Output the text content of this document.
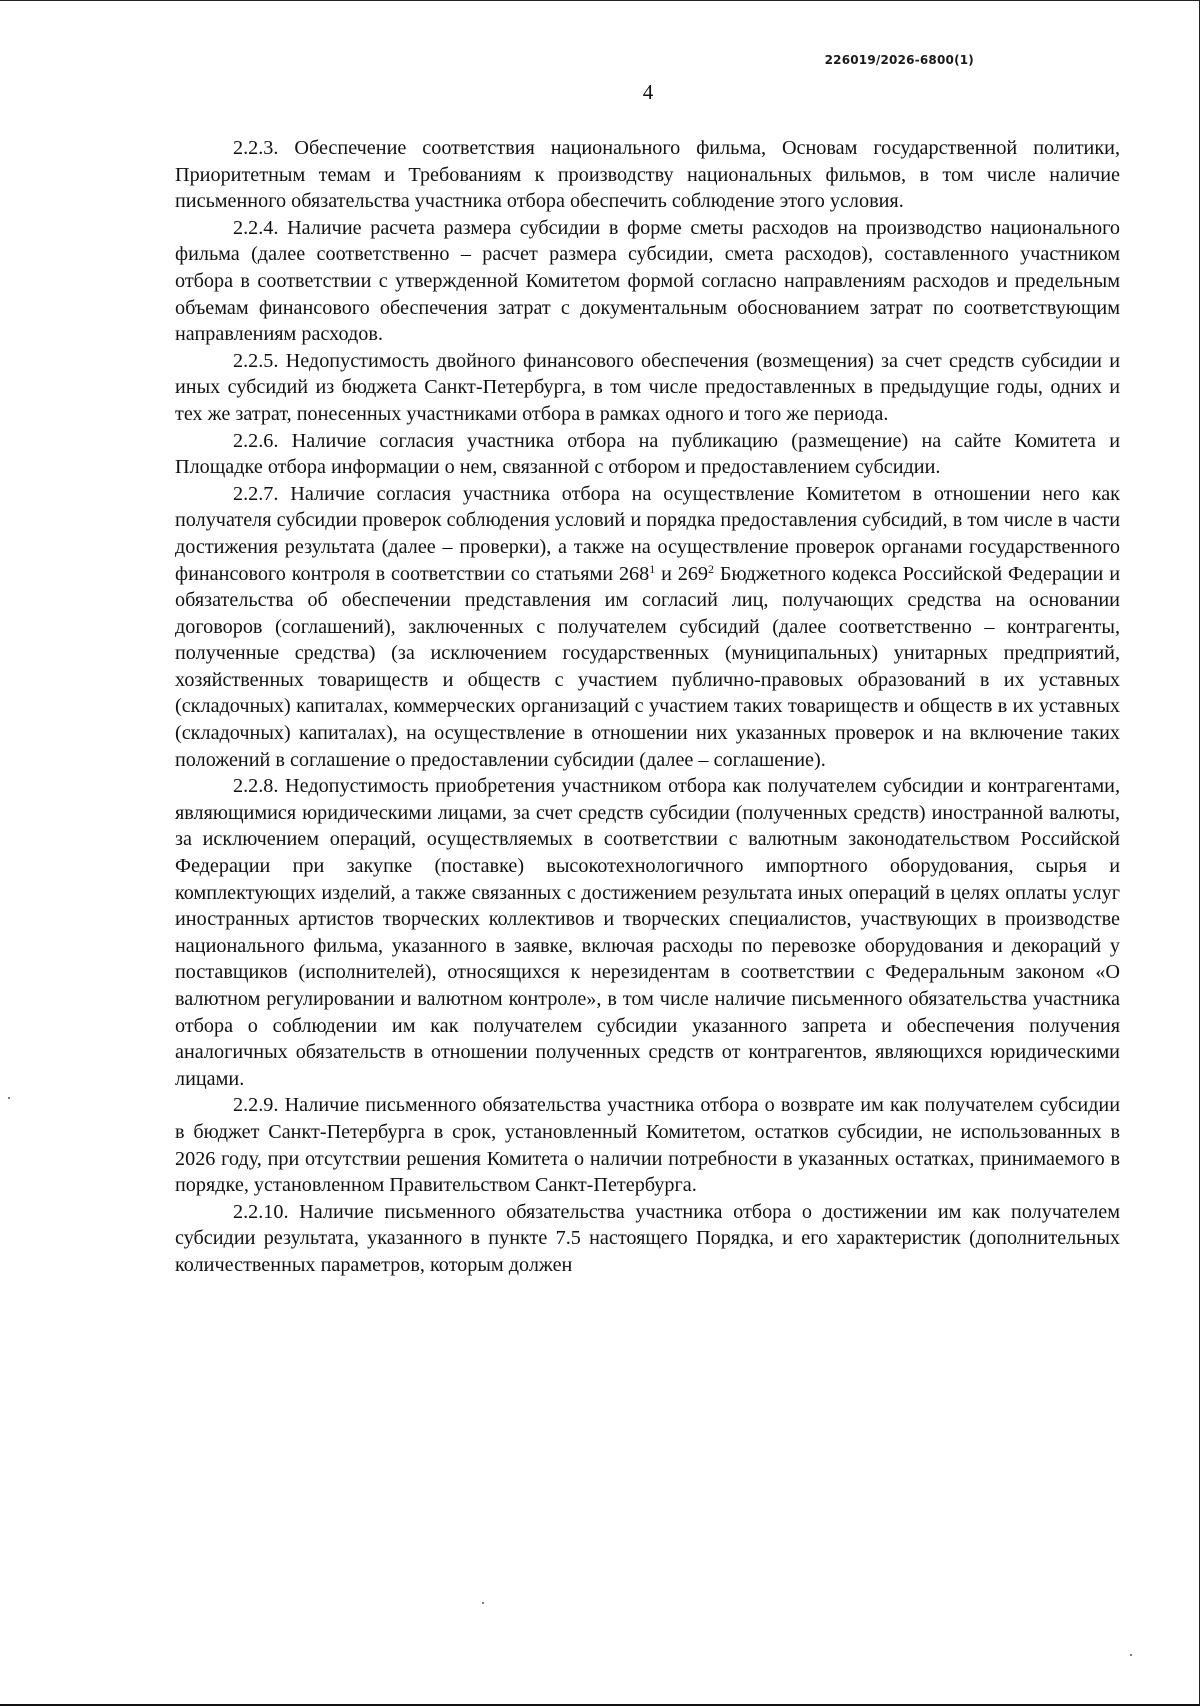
226019/2026-6800(1)
4

2.2.3. Обеспечение соответствия национального фильма, Основам государственной политики, Приоритетным темам и Требованиям к производству национальных фильмов, в том числе наличие письменного обязательства участника отбора обеспечить соблюдение этого условия.

2.2.4. Наличие расчета размера субсидии в форме сметы расходов на производство национального фильма (далее соответственно – расчет размера субсидии, смета расходов), составленного участником отбора в соответствии с утвержденной Комитетом формой согласно направлениям расходов и предельным объемам финансового обеспечения затрат с документальным обоснованием затрат по соответствующим направлениям расходов.

2.2.5. Недопустимость двойного финансового обеспечения (возмещения) за счет средств субсидии и иных субсидий из бюджета Санкт-Петербурга, в том числе предоставленных в предыдущие годы, одних и тех же затрат, понесенных участниками отбора в рамках одного и того же периода.

2.2.6. Наличие согласия участника отбора на публикацию (размещение) на сайте Комитета и Площадке отбора информации о нем, связанной с отбором и предоставлением субсидии.

2.2.7. Наличие согласия участника отбора на осуществление Комитетом в отношении него как получателя субсидии проверок соблюдения условий и порядка предоставления субсидий, в том числе в части достижения результата (далее – проверки), а также на осуществление проверок органами государственного финансового контроля в соответствии со статьями $268^1$ и $269^2$ Бюджетного кодекса Российской Федерации и обязательства об обеспечении представления им согласий лиц, получающих средства на основании договоров (соглашений), заключенных с получателем субсидий (далее соответственно – контрагенты, полученные средства) (за исключением государственных (муниципальных) унитарных предприятий, хозяйственных товариществ и обществ с участием публично-правовых образований в их уставных (складочных) капиталах, коммерческих организаций с участием таких товариществ и обществ в их уставных (складочных) капиталах), на осуществление в отношении них указанных проверок и на включение таких положений в соглашение о предоставлении субсидии (далее – соглашение).

2.2.8. Недопустимость приобретения участником отбора как получателем субсидии и контрагентами, являющимися юридическими лицами, за счет средств субсидии (полученных средств) иностранной валюты, за исключением операций, осуществляемых в соответствии с валютным законодательством Российской Федерации при закупке (поставке) высокотехнологичного импортного оборудования, сырья и комплектующих изделий, а также связанных с достижением результата иных операций в целях оплаты услуг иностранных артистов творческих коллективов и творческих специалистов, участвующих в производстве национального фильма, указанного в заявке, включая расходы по перевозке оборудования и декораций у поставщиков (исполнителей), относящихся к нерезидентам в соответствии с Федеральным законом «О валютном регулировании и валютном контроле», в том числе наличие письменного обязательства участника отбора о соблюдении им как получателем субсидии указанного запрета и обеспечения получения аналогичных обязательств в отношении полученных средств от контрагентов, являющихся юридическими лицами.

2.2.9. Наличие письменного обязательства участника отбора о возврате им как получателем субсидии в бюджет Санкт-Петербурга в срок, установленный Комитетом, остатков субсидии, не использованных в 2026 году, при отсутствии решения Комитета о наличии потребности в указанных остатках, принимаемого в порядке, установленном Правительством Санкт-Петербурга.

2.2.10. Наличие письменного обязательства участника отбора о достижении им как получателем субсидии результата, указанного в пункте 7.5 настоящего Порядка, и его характеристик (дополнительных количественных параметров, которым должен
